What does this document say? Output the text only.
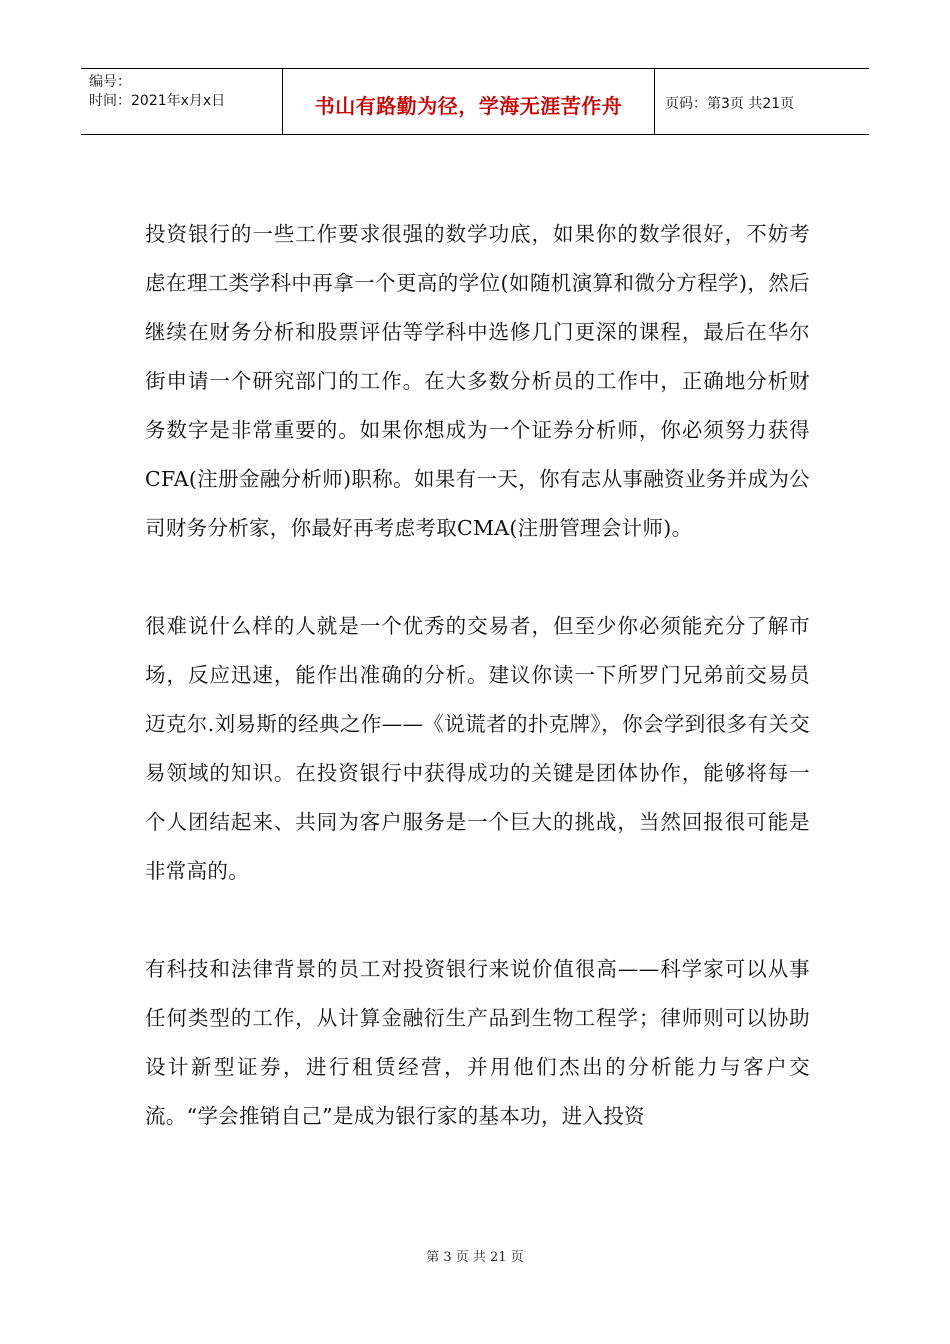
编号：
时间：2021年x月x日	书山有路勤为径，学海无涯苦作舟	页码：第3页 共21页

投资银行的一些工作要求很强的数学功底，如果你的数学很好，不妨考虑在理工类学科中再拿一个更高的学位(如随机演算和微分方程学)，然后继续在财务分析和股票评估等学科中选修几门更深的课程，最后在华尔街申请一个研究部门的工作。在大多数分析员的工作中，正确地分析财务数字是非常重要的。如果你想成为一个证券分析师，你必须努力获得CFA(注册金融分析师)职称。如果有一天，你有志从事融资业务并成为公司财务分析家，你最好再考虑考取CMA(注册管理会计师)。

很难说什么样的人就是一个优秀的交易者，但至少你必须能充分了解市场，反应迅速，能作出准确的分析。建议你读一下所罗门兄弟前交易员迈克尔.刘易斯的经典之作——《说谎者的扑克牌》，你会学到很多有关交易领域的知识。在投资银行中获得成功的关键是团体协作，能够将每一个人团结起来、共同为客户服务是一个巨大的挑战，当然回报很可能是非常高的。

有科技和法律背景的员工对投资银行来说价值很高——科学家可以从事任何类型的工作，从计算金融衍生产品到生物工程学；律师则可以协助设计新型证券，进行租赁经营，并用他们杰出的分析能力与客户交流。“学会推销自己”是成为银行家的基本功，进入投资

第 3 页 共 21 页
